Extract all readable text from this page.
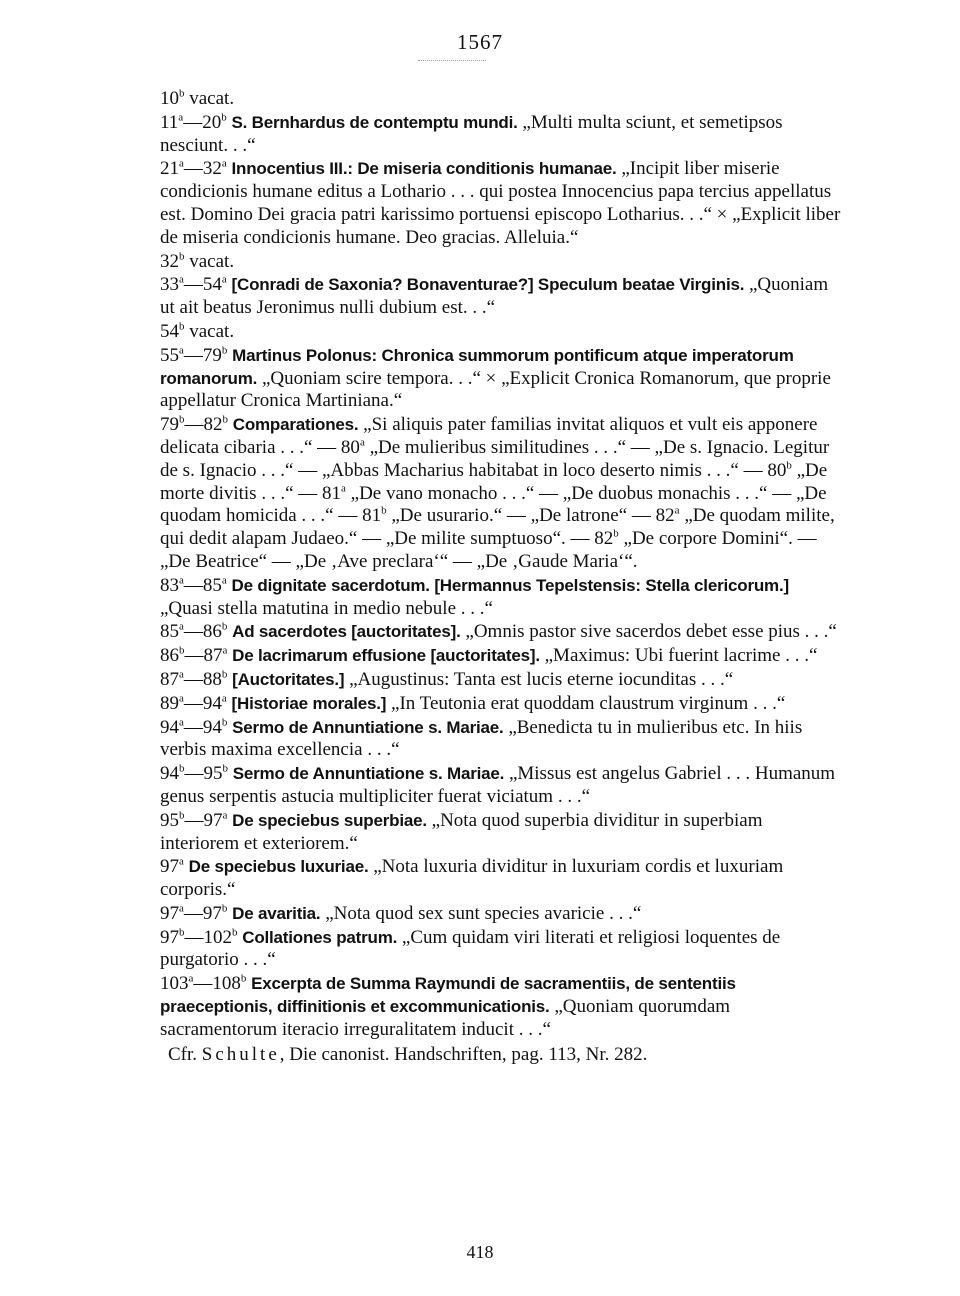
1567

10$^b$ vacat.

11$^a$—20$^b$ S. Bernhardus de contemptu mundi. „Multi multa sciunt, et semetipsos nesciunt. . .“

21$^a$—32$^a$ Innocentius III.: De miseria conditionis humanae. „Incipit liber miserie condicionis humane editus a Lothario . . . qui postea Innocencius papa tercius appellatus est. Domino Dei gracia patri karissimo portuensi episcopo Lotharius. . .“ × „Explicit liber de miseria condicionis humane. Deo gracias. Alleluia.“

32$^b$ vacat.

33$^a$—54$^a$ [Conradi de Saxonia? Bonaventurae?] Speculum beatae Virginis. „Quoniam ut ait beatus Jeronimus nulli dubium est. . .“

54$^b$ vacat.

55$^a$—79$^b$ Martinus Polonus: Chronica summorum pontificum atque imperatorum romanorum. „Quoniam scire tempora. . .“ × „Explicit Cronica Romanorum, que proprie appellatur Cronica Martiniana.“

79$^b$—82$^b$ Comparationes. „Si aliquis pater familias invitat aliquos et vult eis apponere delicata cibaria . . .“ — 80$^a$ „De mulieribus similitudines . . .“ — „De s. Ignacio. Legitur de s. Ignacio . . .“ — „Abbas Macharius habitabat in loco deserto nimis . . .“ — 80$^b$ „De morte divitis . . .“ — 81$^a$ „De vano monacho . . .“ — „De duobus monachis . . .“ — „De quodam homicida . . .“ — 81$^b$ „De usurario.“ — „De latrone“ — 82$^a$ „De quodam milite, qui dedit alapam Judaeo.“ — „De milite sumptuoso“. — 82$^b$ „De corpore Domini“. — „De Beatrice“ — „De ‚Ave preclara‘“ — „De ‚Gaude Maria‘“.

83$^a$—85$^a$ De dignitate sacerdotum. [Hermannus Tepelstensis: Stella clericorum.] „Quasi stella matutina in medio nebule . . .“

85$^a$—86$^b$ Ad sacerdotes [auctoritates]. „Omnis pastor sive sacerdos debet esse pius . . .“

86$^b$—87$^a$ De lacrimarum effusione [auctoritates]. „Maximus: Ubi fuerint lacrime . . .“

87$^a$—88$^b$ [Auctoritates.] „Augustinus: Tanta est lucis eterne iocunditas . . .“

89$^a$—94$^a$ [Historiae morales.] „In Teutonia erat quoddam claustrum virginum . . .“

94$^a$—94$^b$ Sermo de Annuntiatione s. Mariae. „Benedicta tu in mulieribus etc. In hiis verbis maxima excellencia . . .“

94$^b$—95$^b$ Sermo de Annuntiatione s. Mariae. „Missus est angelus Gabriel . . . Humanum genus serpentis astucia multipliciter fuerat viciatum . . .“

95$^b$—97$^a$ De speciebus superbiae. „Nota quod superbia dividitur in superbiam interiorem et exteriorem.“

97$^a$ De speciebus luxuriae. „Nota luxuria dividitur in luxuriam cordis et luxuriam corporis.“

97$^a$—97$^b$ De avaritia. „Nota quod sex sunt species avaricie . . .“

97$^b$—102$^b$ Collationes patrum. „Cum quidam viri literati et religiosi loquentes de purgatorio . . .“

103$^a$—108$^b$ Excerpta de Summa Raymundi de sacramentiis, de sententiis praeceptionis, diffinitionis et excommunicationis. „Quoniam quorumdam sacramentorum iteracio irreguralitatem inducit . . .“

Cfr. Schulte, Die canonist. Handschriften, pag. 113, Nr. 282.

418
